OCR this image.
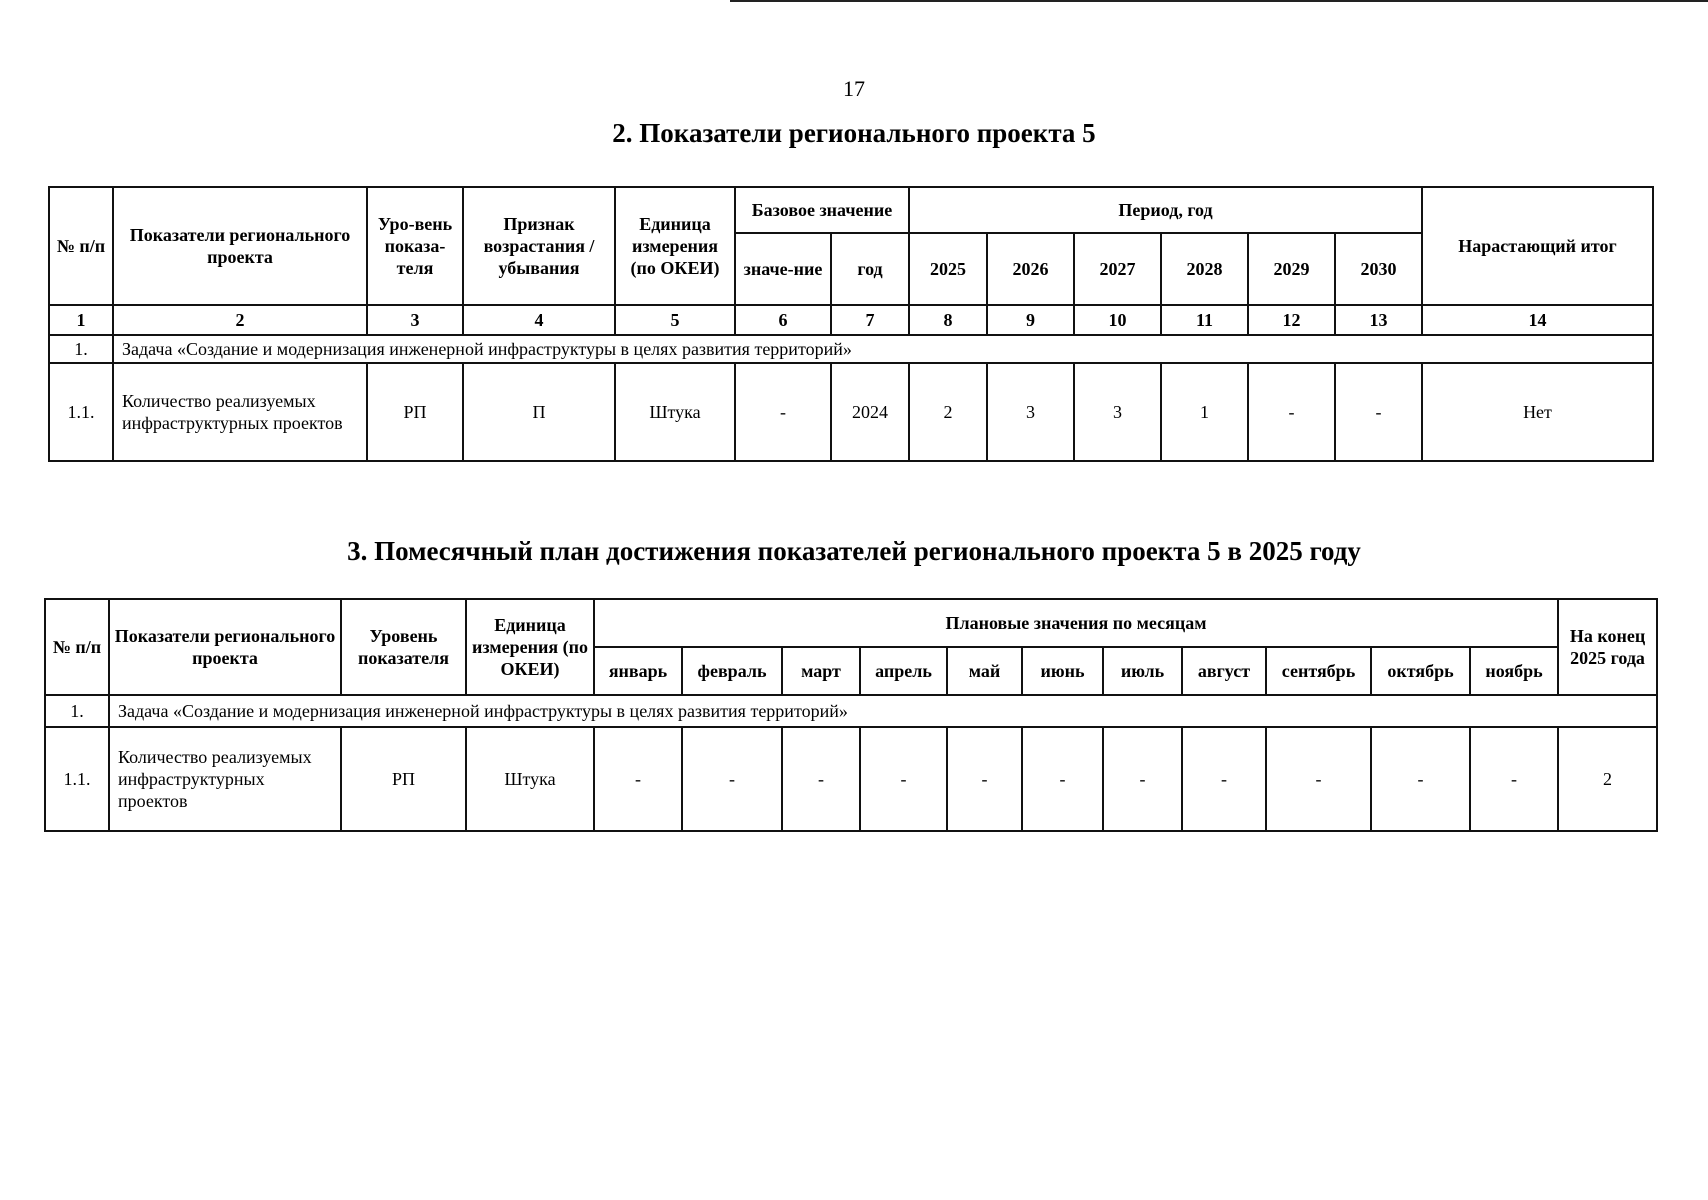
17
2. Показатели регионального проекта 5
№ п/п	Показатели регионального проекта	Уро-вень показа-теля	Признак возрастания / убывания	Единица измерения (по ОКЕИ)	Базовое значение		Период, год						Нарастающий итог
					значе-ние	год	2025	2026	2027	2028	2029	2030	
1	2	3	4	5	6	7	8	9	10	11	12	13	14
1.	Задача «Создание и модернизация инженерной инфраструктуры в целях развития территорий»												
1.1.	Количество реализуемых инфраструктурных проектов	РП	П	Штука	-	2024	2	3	3	1	-	-	Нет
3. Помесячный план достижения показателей регионального проекта 5 в 2025 году
№ п/п	Показатели регионального проекта	Уровень показателя	Единица измерения (по ОКЕИ)	Плановые значения по месяцам											На конец 2025 года
				январь	февраль	март	апрель	май	июнь	июль	август	сентябрь	октябрь	ноябрь	
1.	Задача «Создание и модернизация инженерной инфраструктуры в целях развития территорий»														
1.1.	Количество реализуемых инфраструктурных проектов	РП	Штука	-	-	-	-	-	-	-	-	-	-	-	2
